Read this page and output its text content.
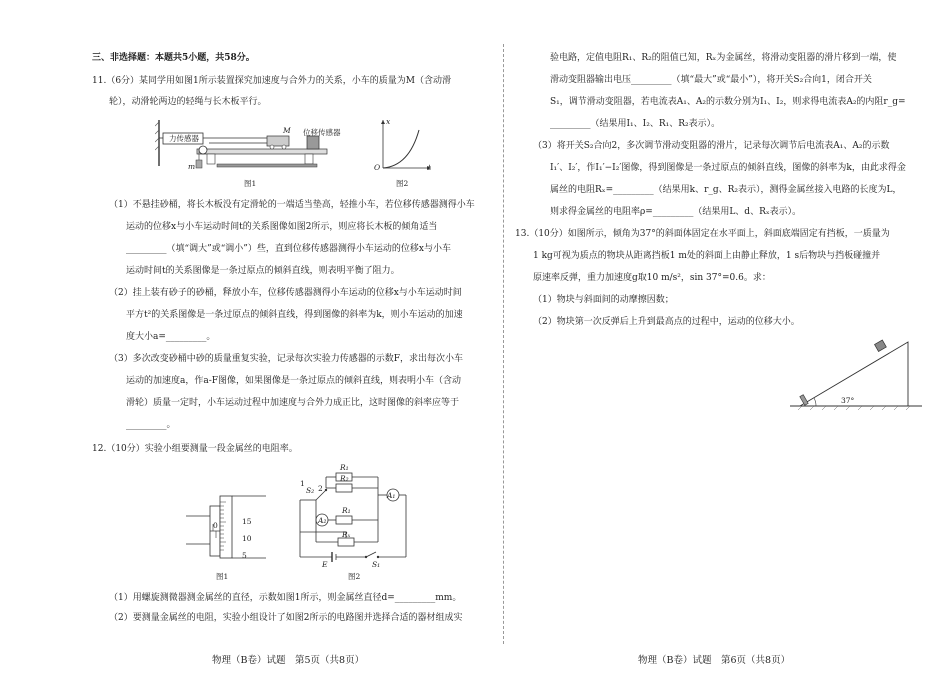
三、非选择题：本题共5小题，共58分。
11.（6分）某同学用如图1所示装置探究加速度与合外力的关系，小车的质量为M（含动滑
轮），动滑轮两边的轻绳与长木板平行。
力传感器
位移传感器
M
m
图1
x
t
O
图2
（1）不悬挂砂桶，将长木板没有定滑轮的一端适当垫高，轻推小车，若位移传感器测得小车
运动的位移x与小车运动时间t的关系图像如图2所示，则应将长木板的倾角适当
_________（填“调大”或“调小”）些，直到位移传感器测得小车运动的位移x与小车
运动时间t的关系图像是一条过原点的倾斜直线，则表明平衡了阻力。
（2）挂上装有砂子的砂桶，释放小车，位移传感器测得小车运动的位移x与小车运动时间
平方t²的关系图像是一条过原点的倾斜直线，得到图像的斜率为k，则小车运动的加速
度大小a=_________。
（3）多次改变砂桶中砂的质量重复实验，记录每次实验力传感器的示数F，求出每次小车
运动的加速度a，作a-F图像，如果图像是一条过原点的倾斜直线，则表明小车（含动
滑轮）质量一定时，小车运动过程中加速度与合外力成正比，这时图像的斜率应等于
_________。
12.（10分）实验小组要测量一段金属丝的电阻率。
0	15
10
5
图1
R₁
R₂
A₁
A₂
R₁
Rₓ
S₂ 2
1
S₁
E
图2
（1）用螺旋测微器测金属丝的直径，示数如图1所示，则金属丝直径d=_________mm。
（2）要测量金属丝的电阻，实验小组设计了如图2所示的电路图并选择合适的器材组成实
物理（B卷）试题　第5页（共8页）
验电路，定值电阻R₁、R₂的阻值已知，Rₓ为金属丝，将滑动变阻器的滑片移到一端，使
滑动变阻器输出电压_________（填“最大”或“最小”），将开关S₂合向1，闭合开关
S₁，调节滑动变阻器，若电流表A₁、A₂的示数分别为I₁、I₂，则求得电流表A₂的内阻r_g=
_________（结果用I₁、I₂、R₁、R₂表示）。
（3）将开关S₂合向2，多次调节滑动变阻器的滑片，记录每次调节后电流表A₁、A₂的示数
I₁′、I₂′，作I₁′−I₂′图像，得到图像是一条过原点的倾斜直线，图像的斜率为k，由此求得金
属丝的电阻Rₓ=_________（结果用k、r_g、R₂表示），测得金属丝接入电路的长度为L，
则求得金属丝的电阻率ρ=_________（结果用L、d、Rₓ表示）。
13.（10分）如图所示，倾角为37°的斜面体固定在水平面上，斜面底端固定有挡板，一质量为
1 kg可视为质点的物块从距离挡板1 m处的斜面上由静止释放，1 s后物块与挡板碰撞并
原速率反弹，重力加速度g取10 m/s²，sin 37°=0.6。求：
（1）物块与斜面间的动摩擦因数；
（2）物块第一次反弹后上升到最高点的过程中，运动的位移大小。
37°
物理（B卷）试题　第6页（共8页）
